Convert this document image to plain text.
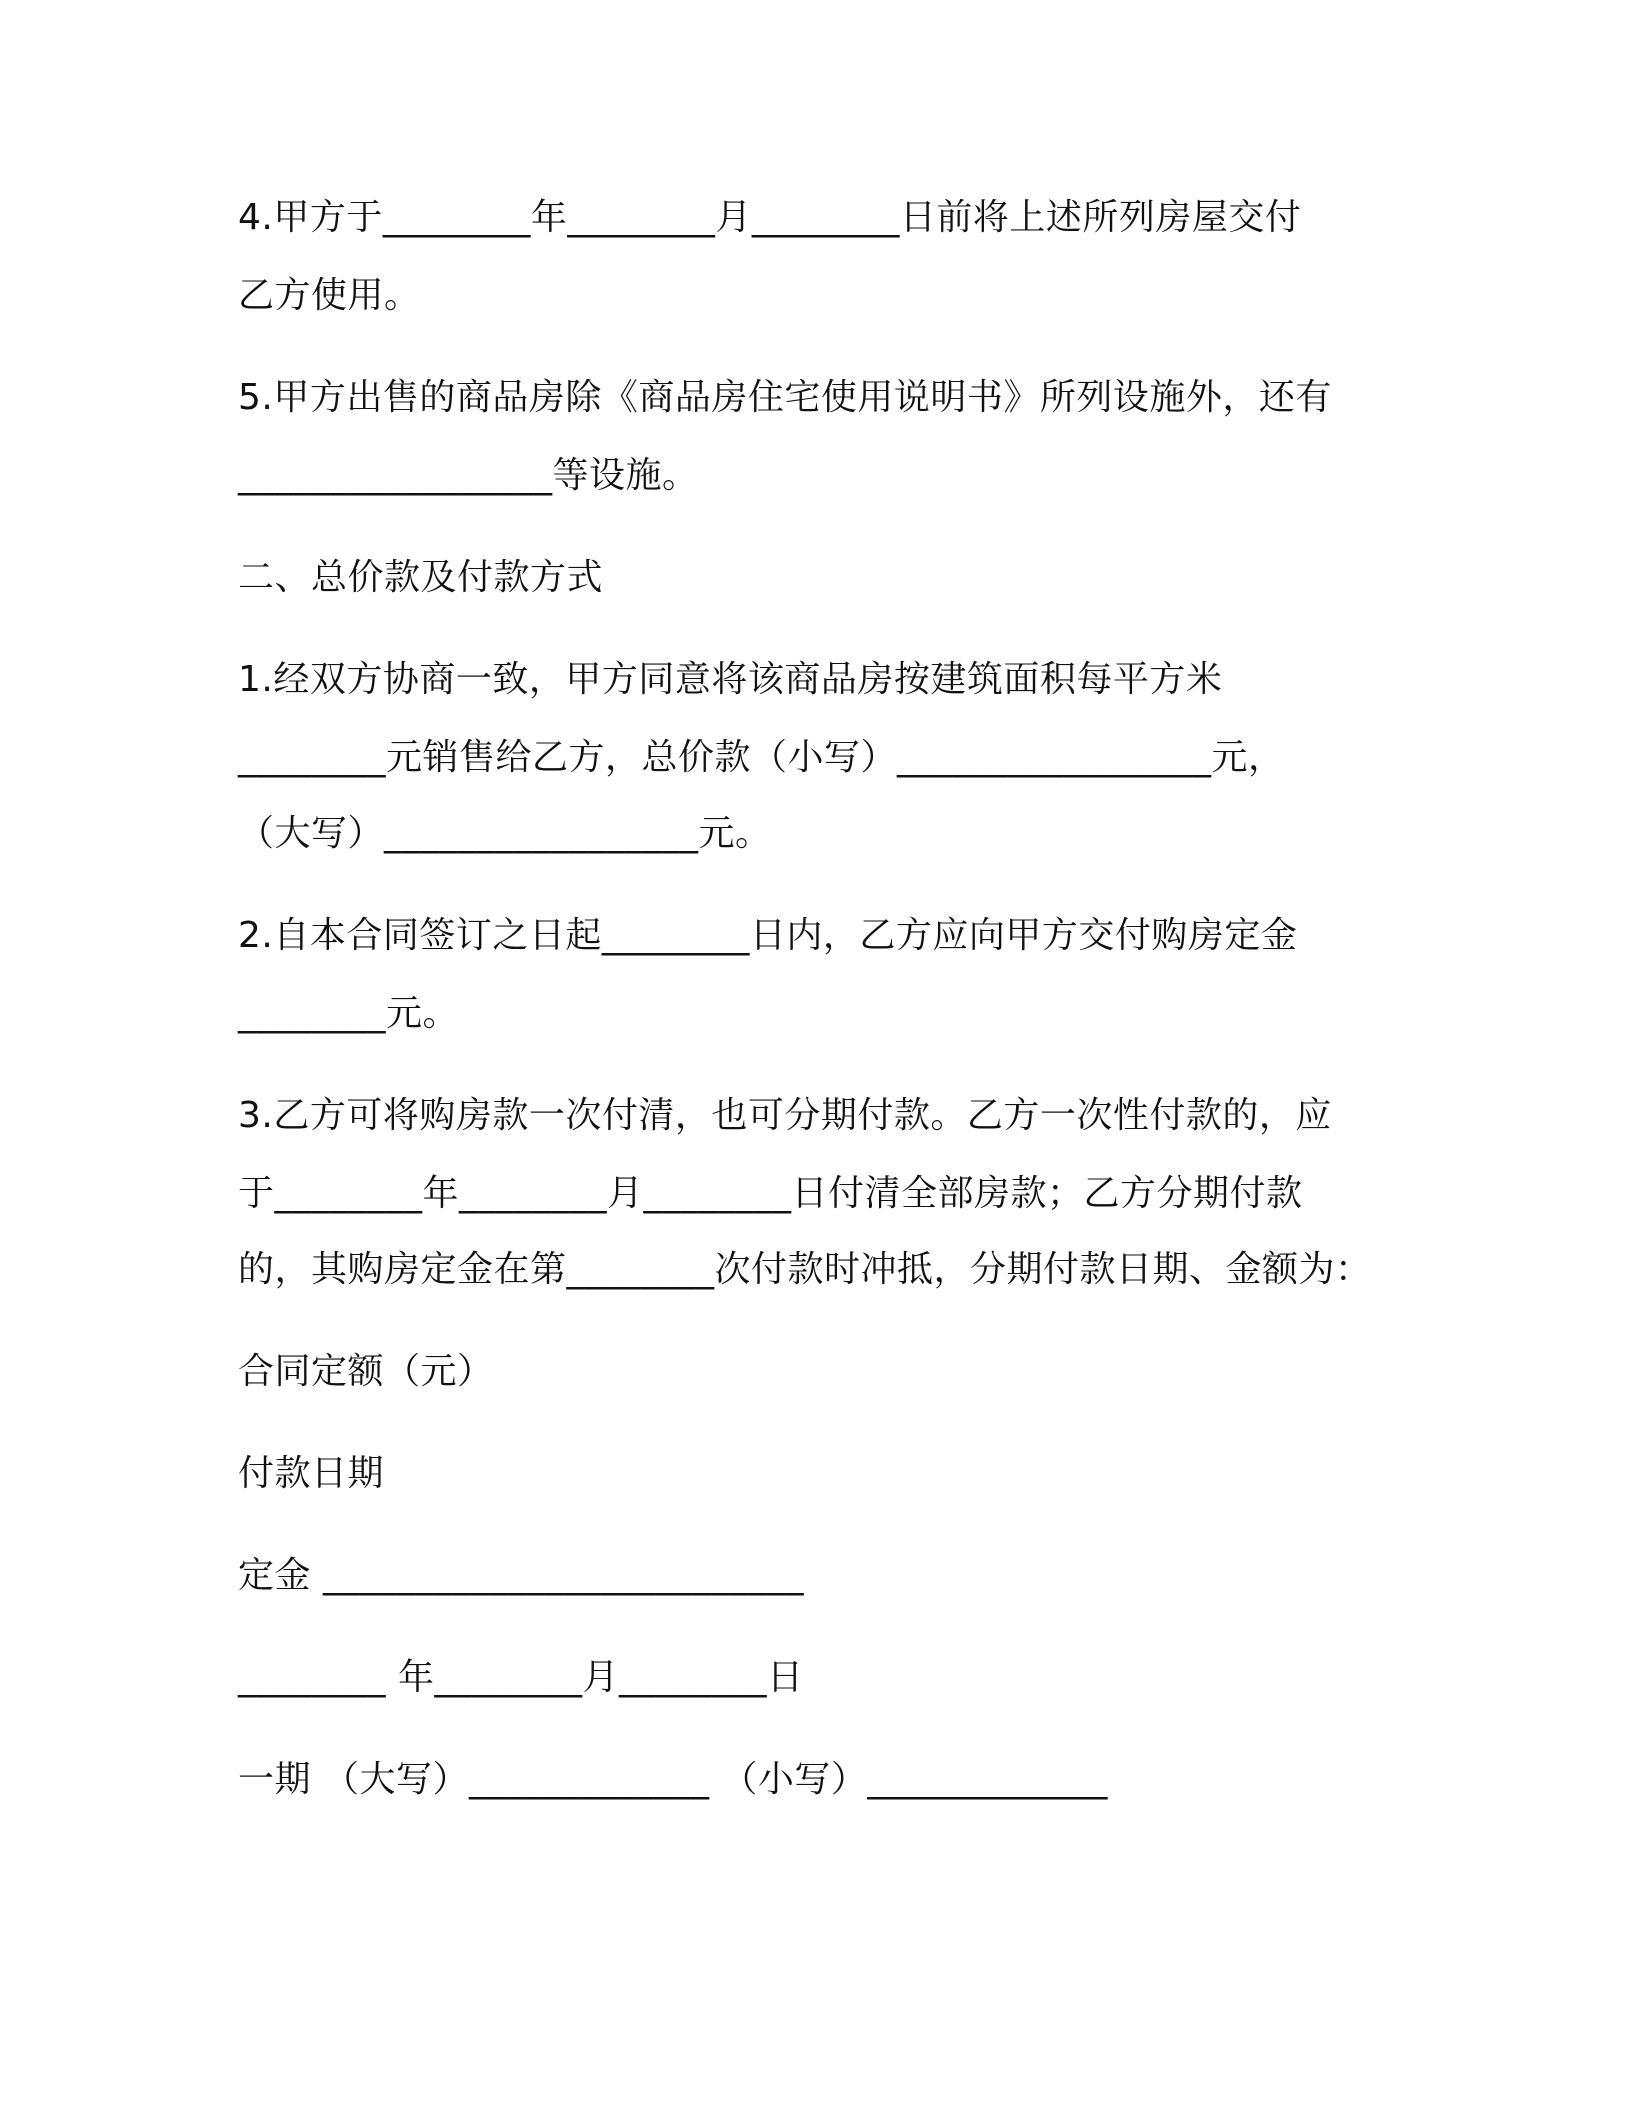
4.甲方于________年________月________日前将上述所列房屋交付
乙方使用。
5.甲方出售的商品房除《商品房住宅使用说明书》所列设施外，还有
_________________等设施。
二、总价款及付款方式
1.经双方协商一致，甲方同意将该商品房按建筑面积每平方米
________元销售给乙方，总价款（小写）_________________元，
（大写）_________________元。
2.自本合同签订之日起________日内，乙方应向甲方交付购房定金
________元。
3.乙方可将购房款一次付清，也可分期付款。乙方一次性付款的，应
于________年________月________日付清全部房款；乙方分期付款
的，其购房定金在第________次付款时冲抵，分期付款日期、金额为：
合同定额（元）
付款日期
定金 __________________________
________ 年________月________日
一期 （大写）_____________ （小写）_____________
